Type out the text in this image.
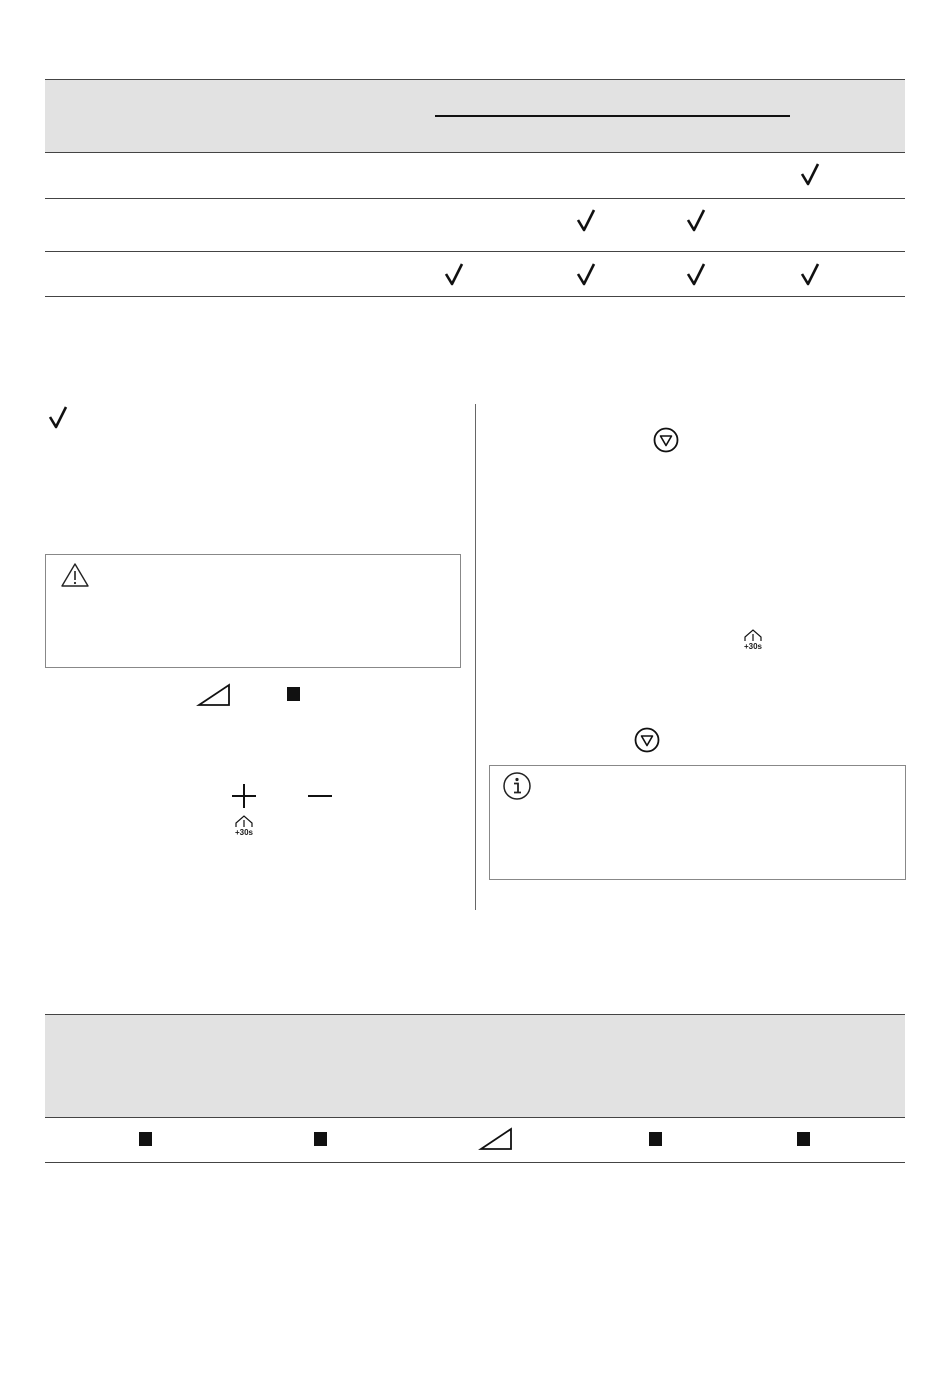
+30s
+30s
